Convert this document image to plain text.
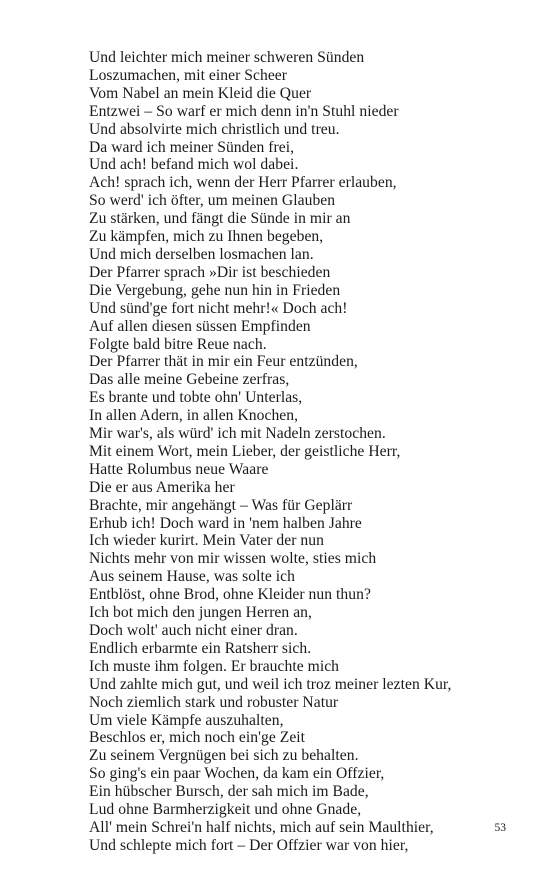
Und leichter mich meiner schweren Sünden
Loszumachen, mit einer Scheer
Vom Nabel an mein Kleid die Quer
Entzwei – So warf er mich denn in'n Stuhl nieder
Und absolvirte mich christlich und treu.
Da ward ich meiner Sünden frei,
Und ach! befand mich wol dabei.
Ach! sprach ich, wenn der Herr Pfarrer erlauben,
So werd' ich öfter, um meinen Glauben
Zu stärken, und fängt die Sünde in mir an
Zu kämpfen, mich zu Ihnen begeben,
Und mich derselben losmachen lan.
Der Pfarrer sprach »Dir ist beschieden
Die Vergebung, gehe nun hin in Frieden
Und sünd'ge fort nicht mehr!« Doch ach!
Auf allen diesen süssen Empfinden
Folgte bald bitre Reue nach.
Der Pfarrer thät in mir ein Feur entzünden,
Das alle meine Gebeine zerfras,
Es brante und tobte ohn' Unterlas,
In allen Adern, in allen Knochen,
Mir war's, als würd' ich mit Nadeln zerstochen.
Mit einem Wort, mein Lieber, der geistliche Herr,
Hatte Rolumbus neue Waare
Die er aus Amerika her
Brachte, mir angehängt – Was für Geplärr
Erhub ich! Doch ward in 'nem halben Jahre
Ich wieder kurirt. Mein Vater der nun
Nichts mehr von mir wissen wolte, sties mich
Aus seinem Hause, was solte ich
Entblöst, ohne Brod, ohne Kleider nun thun?
Ich bot mich den jungen Herren an,
Doch wolt' auch nicht einer dran.
Endlich erbarmte ein Ratsherr sich.
Ich muste ihm folgen. Er brauchte mich
Und zahlte mich gut, und weil ich troz meiner lezten Kur,
Noch ziemlich stark und robuster Natur
Um viele Kämpfe auszuhalten,
Beschlos er, mich noch ein'ge Zeit
Zu seinem Vergnügen bei sich zu behalten.
So ging's ein paar Wochen, da kam ein Offzier,
Ein hübscher Bursch, der sah mich im Bade,
Lud ohne Barmherzigkeit und ohne Gnade,
All' mein Schrei'n half nichts, mich auf sein Maulthier,
Und schlepte mich fort – Der Offzier war von hier,
53
